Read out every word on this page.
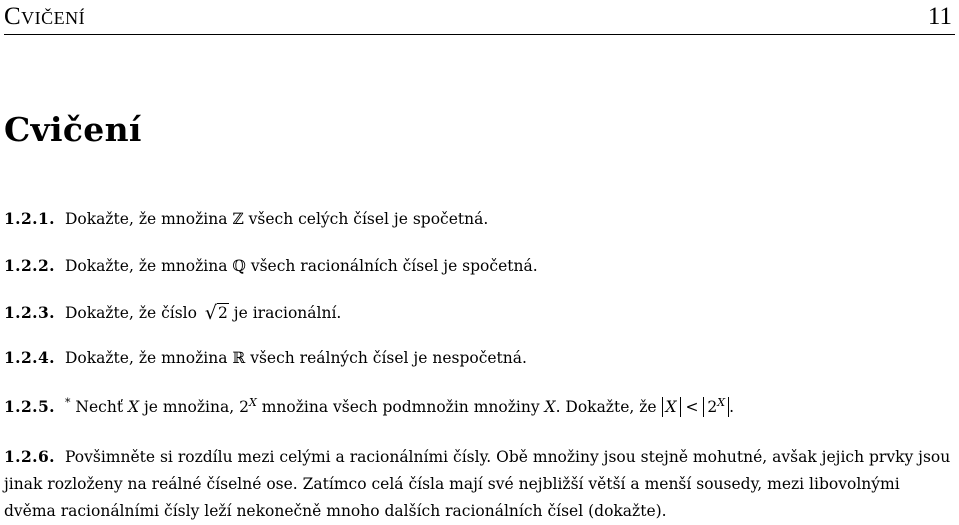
Cvičení	11
Cvičení
1.2.1. Dokažte, že množina ℤ všech celých čísel je spočetná.
1.2.2. Dokažte, že množina ℚ všech racionálních čísel je spočetná.
1.2.3. Dokažte, že číslo √2 je iracionální.
1.2.4. Dokažte, že množina ℝ všech reálných čísel je nespočetná.
1.2.5. * Nechť X je množina, $2^X$ množina všech podmnožin množiny X. Dokažte, že $X < 2^X$ .
1.2.6. Povšimněte si rozdílu mezi celými a racionálními čísly. Obě množiny jsou stejně mohutné, avšak jejich prvky jsou jinak rozloženy na reálné číselné ose. Zatímco celá čísla mají své nejbližší větší a menší sousedy, mezi libovolnými dvěma racionálními čísly leží nekonečně mnoho dalších racionálních čísel (dokažte).
